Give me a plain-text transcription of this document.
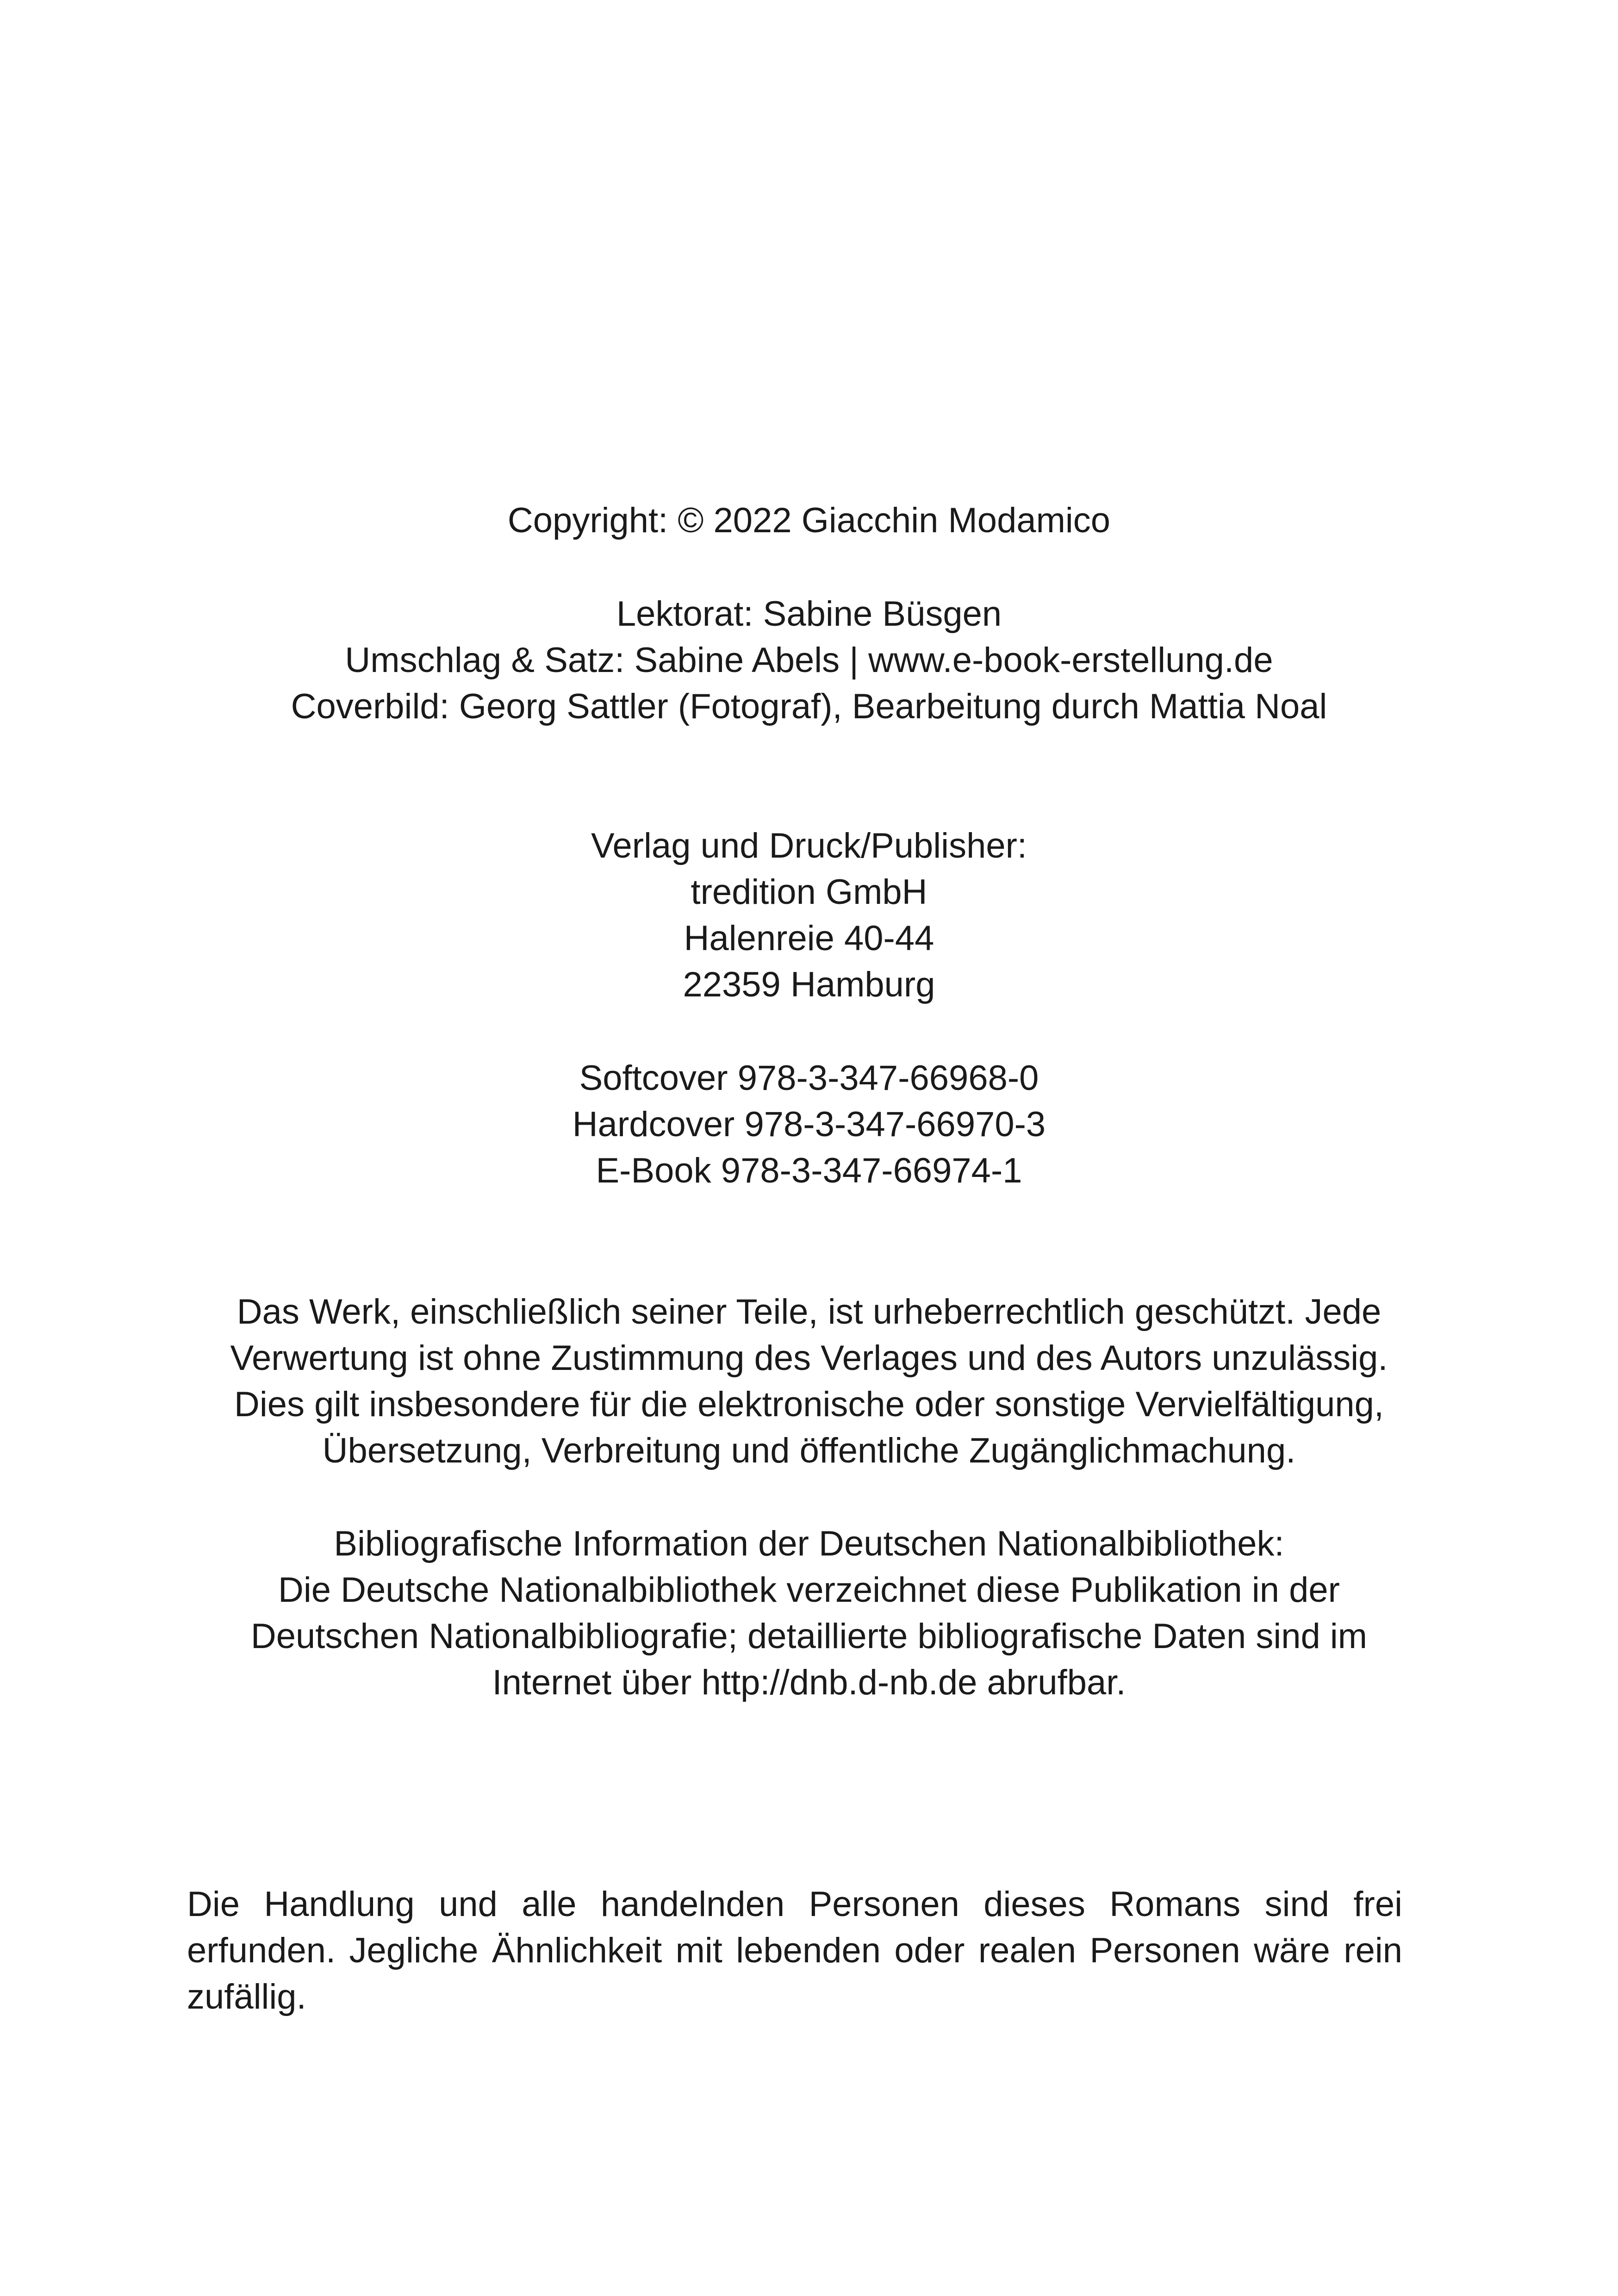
Copyright: © 2022 Giacchin Modamico
Lektorat: Sabine Büsgen
Umschlag & Satz: Sabine Abels | www.e-book-erstellung.de
Coverbild: Georg Sattler (Fotograf), Bearbeitung durch Mattia Noal
Verlag und Druck/Publisher:
tredition GmbH
Halenreie 40-44
22359 Hamburg
Softcover 978-3-347-66968-0
Hardcover 978-3-347-66970-3
E-Book 978-3-347-66974-1
Das Werk, einschließlich seiner Teile, ist urheberrechtlich geschützt. Jede
Verwertung ist ohne Zustimmung des Verlages und des Autors unzulässig.
Dies gilt insbesondere für die elektronische oder sonstige Vervielfältigung,
Übersetzung, Verbreitung und öffentliche Zugänglichmachung.
Bibliografische Information der Deutschen Nationalbibliothek:
Die Deutsche Nationalbibliothek verzeichnet diese Publikation in der
Deutschen Nationalbibliografie; detaillierte bibliografische Daten sind im
Internet über http://dnb.d-nb.de abrufbar.
Die Handlung und alle handelnden Personen dieses Romans sind frei erfunden. Jegliche Ähnlichkeit mit lebenden oder realen Personen wäre rein zufällig.
